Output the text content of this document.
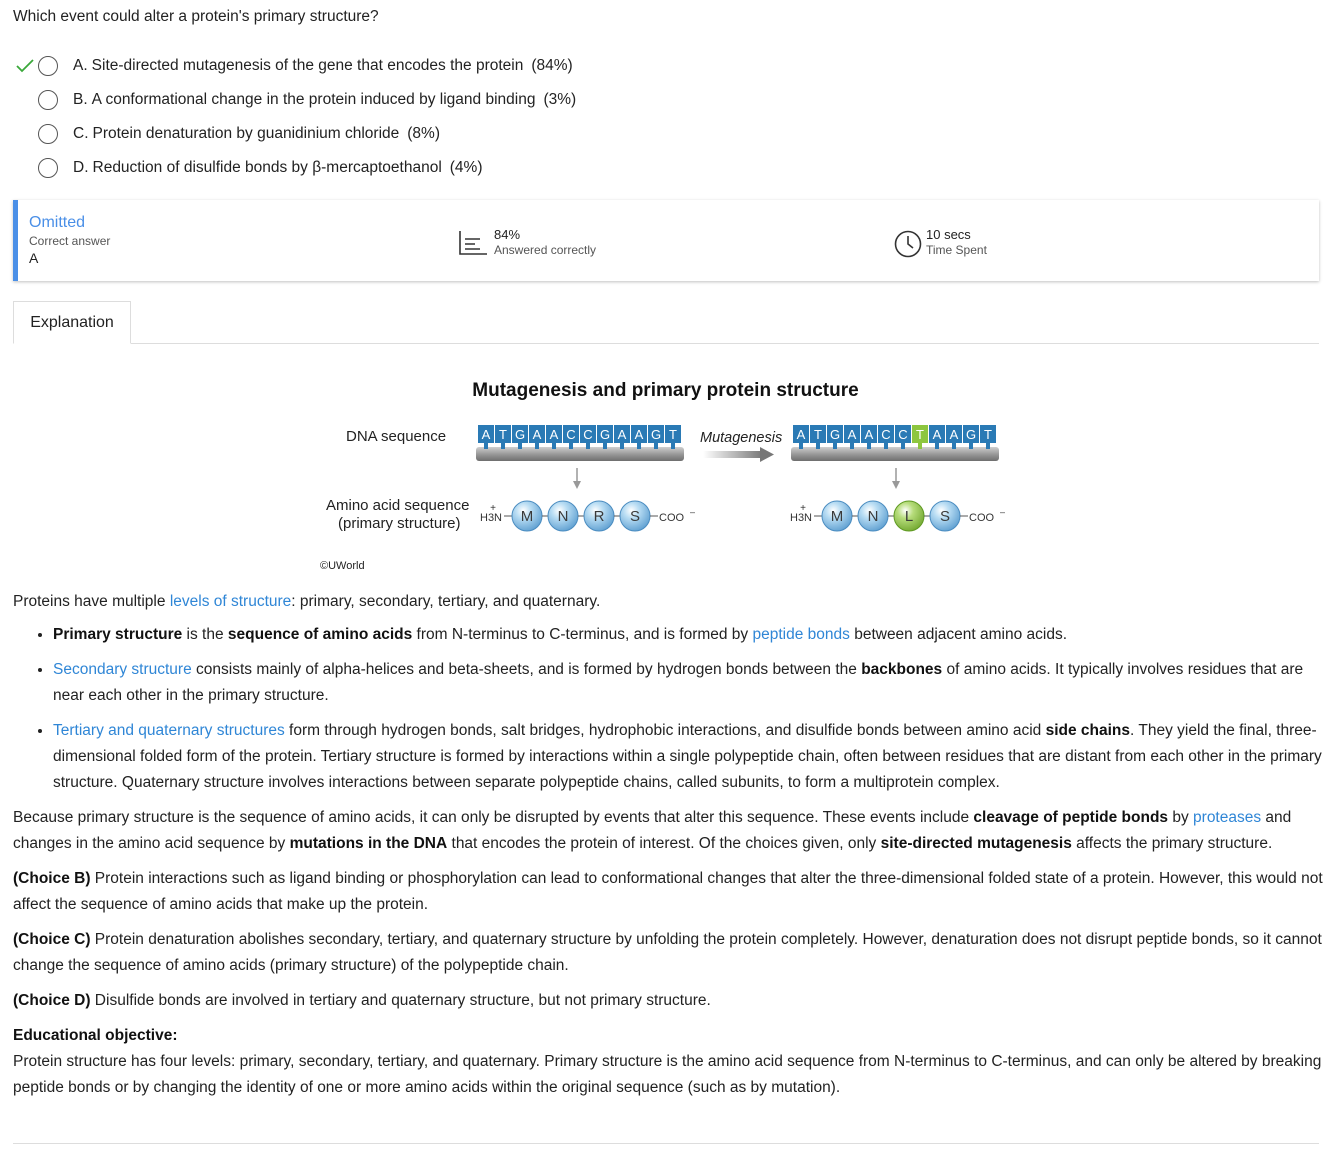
Which event could alter a protein's primary structure?
A. Site-directed mutagenesis of the gene that encodes the protein (84%)
B. A conformational change in the protein induced by ligand binding (3%)
C. Protein denaturation by guanidinium chloride (8%)
D. Reduction of disulfide bonds by β-mercaptoethanol (4%)
Omitted
Correct answer
A
84%
Answered correctly
10 secs
Time Spent
Explanation
Mutagenesis and primary protein structure
DNA sequence
Amino acid sequence
(primary structure)
A T G A A C C G A A G T	A T G A A C C T A A G T
H3N
+ M N R S COO –	H3N
+ M N L S COO –
Mutagenesis
©UWorld

Proteins have multiple levels of structure: primary, secondary, tertiary, and quaternary.

• Primary structure is the sequence of amino acids from N-terminus to C-terminus, and is formed by peptide bonds between adjacent amino acids.
• Secondary structure consists mainly of alpha-helices and beta-sheets, and is formed by hydrogen bonds between the backbones of amino acids. It typically involves residues that are near each other in the primary structure.
• Tertiary and quaternary structures form through hydrogen bonds, salt bridges, hydrophobic interactions, and disulfide bonds between amino acid side chains. They yield the final, three-dimensional folded form of the protein. Tertiary structure is formed by interactions within a single polypeptide chain, often between residues that are distant from each other in the primary structure. Quaternary structure involves interactions between separate polypeptide chains, called subunits, to form a multiprotein complex.

Because primary structure is the sequence of amino acids, it can only be disrupted by events that alter this sequence. These events include cleavage of peptide bonds by proteases and changes in the amino acid sequence by mutations in the DNA that encodes the protein of interest. Of the choices given, only site-directed mutagenesis affects the primary structure.

(Choice B) Protein interactions such as ligand binding or phosphorylation can lead to conformational changes that alter the three-dimensional folded state of a protein. However, this would not affect the sequence of amino acids that make up the protein.

(Choice C) Protein denaturation abolishes secondary, tertiary, and quaternary structure by unfolding the protein completely. However, denaturation does not disrupt peptide bonds, so it cannot change the sequence of amino acids (primary structure) of the polypeptide chain.

(Choice D) Disulfide bonds are involved in tertiary and quaternary structure, but not primary structure.

Educational objective:

Protein structure has four levels: primary, secondary, tertiary, and quaternary. Primary structure is the amino acid sequence from N-terminus to C-terminus, and can only be altered by breaking peptide bonds or by changing the identity of one or more amino acids within the original sequence (such as by mutation).
